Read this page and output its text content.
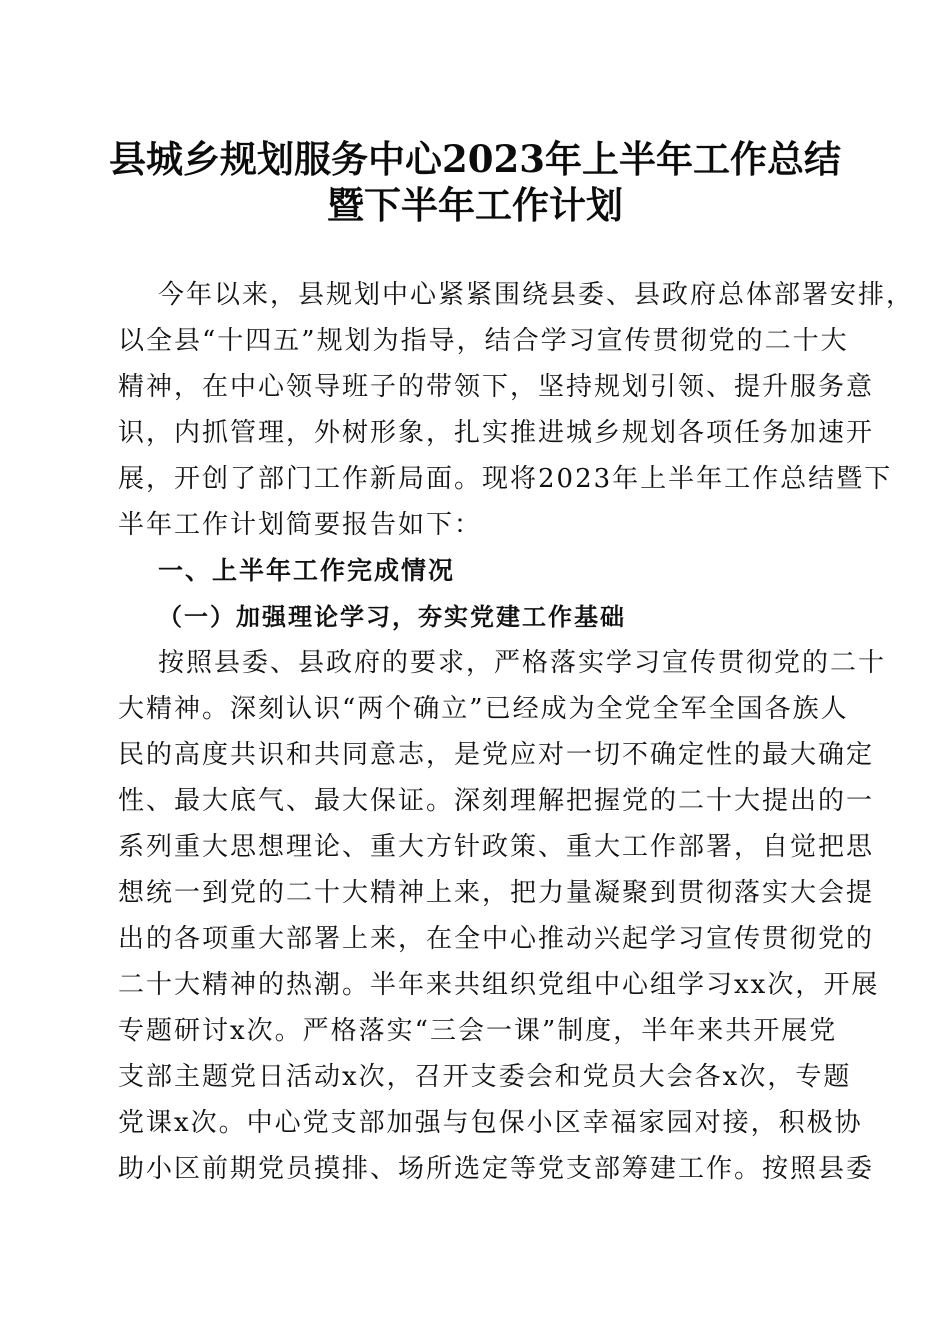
县城乡规划服务中心2023年上半年工作总结
暨下半年工作计划
今年以来，县规划中心紧紧围绕县委、县政府总体部署安排，
以全县“十四五”规划为指导，结合学习宣传贯彻党的二十大
精神，在中心领导班子的带领下，坚持规划引领、提升服务意
识，内抓管理，外树形象，扎实推进城乡规划各项任务加速开
展，开创了部门工作新局面。现将2023年上半年工作总结暨下
半年工作计划简要报告如下：
一、上半年工作完成情况
（一）加强理论学习，夯实党建工作基础
按照县委、县政府的要求，严格落实学习宣传贯彻党的二十
大精神。深刻认识“两个确立”已经成为全党全军全国各族人
民的高度共识和共同意志，是党应对一切不确定性的最大确定
性、最大底气、最大保证。深刻理解把握党的二十大提出的一
系列重大思想理论、重大方针政策、重大工作部署，自觉把思
想统一到党的二十大精神上来，把力量凝聚到贯彻落实大会提
出的各项重大部署上来，在全中心推动兴起学习宣传贯彻党的
二十大精神的热潮。半年来共组织党组中心组学习xx次，开展
专题研讨x次。严格落实“三会一课”制度，半年来共开展党
支部主题党日活动x次，召开支委会和党员大会各x次，专题
党课x次。中心党支部加强与包保小区幸福家园对接，积极协
助小区前期党员摸排、场所选定等党支部筹建工作。按照县委
